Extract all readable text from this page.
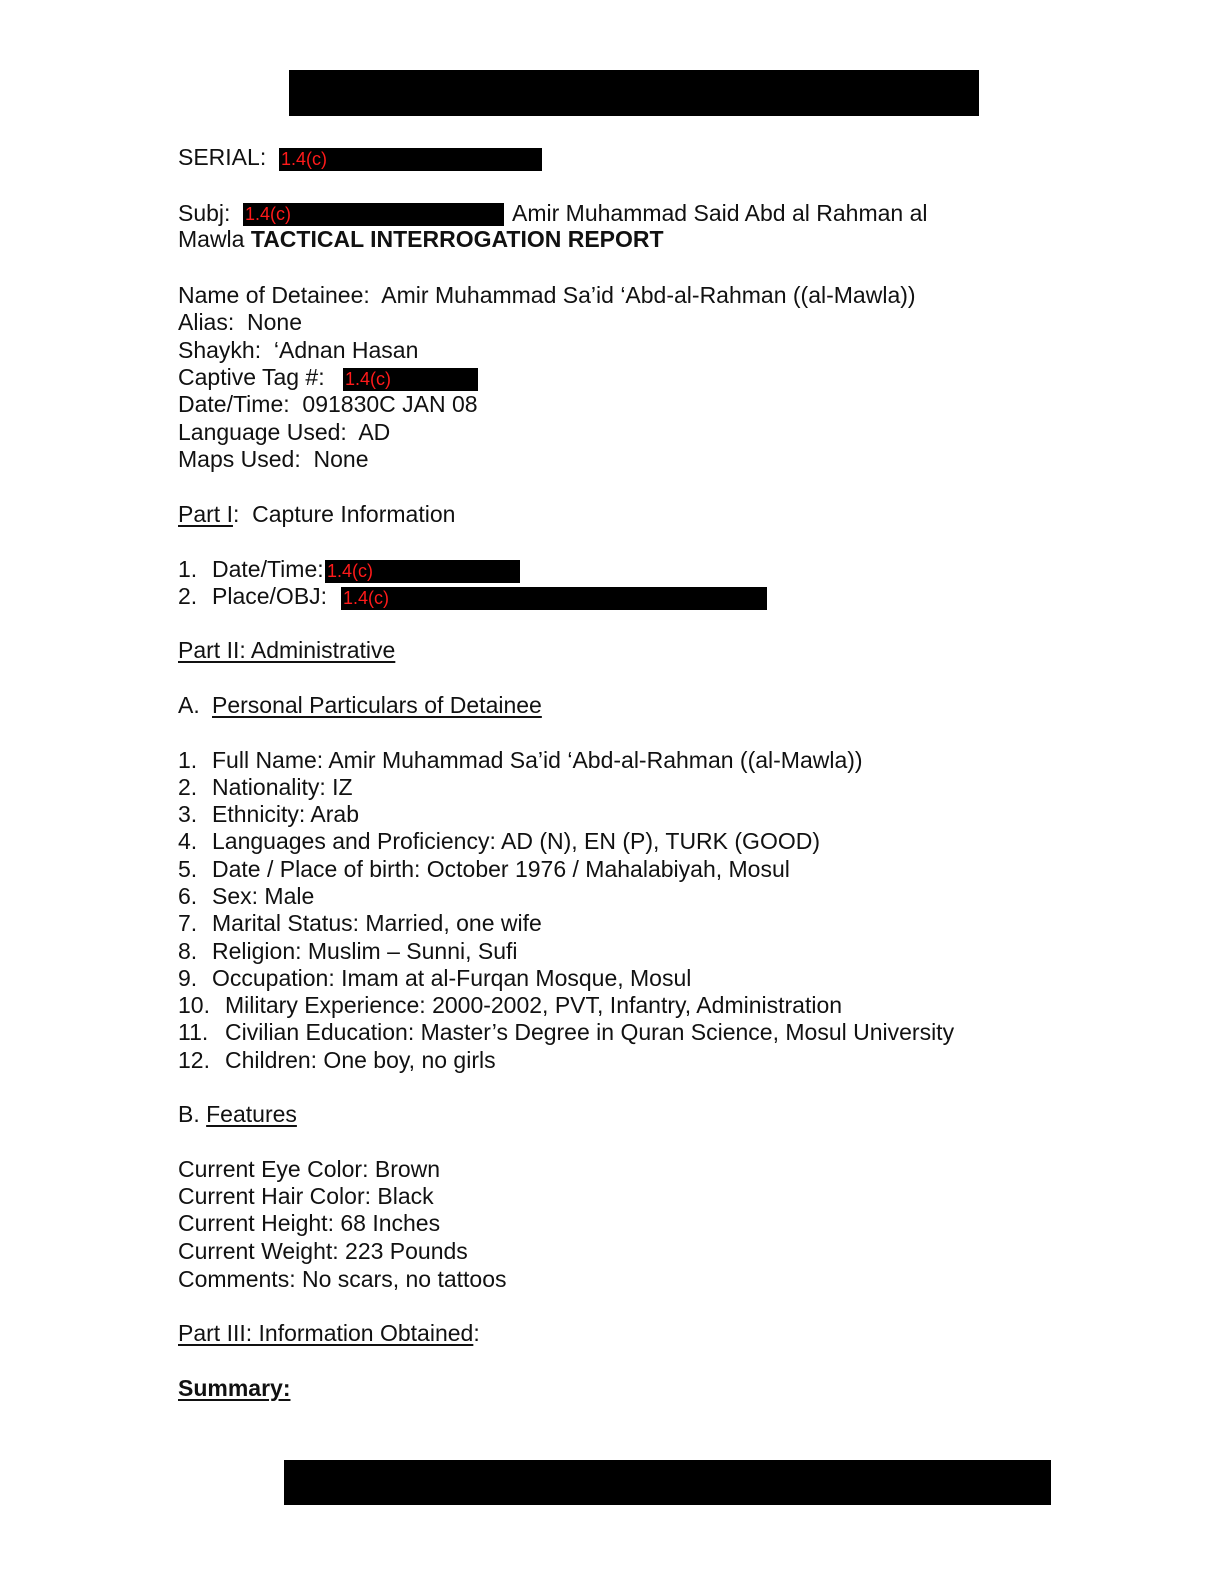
SERIAL: 1.4(c)
Subj: 1.4(c)	Amir Muhammad Said Abd al Rahman al
Mawla TACTICAL INTERROGATION REPORT
Name of Detainee: Amir Muhammad Sa’id ‘Abd-al-Rahman ((al-Mawla))
Alias: None
Shaykh: ‘Adnan Hasan
Captive Tag #: 1.4(c)
Date/Time: 091830C JAN 08
Language Used: AD
Maps Used: None
Part I:  Capture Information
1. Date/Time: 1.4(c)
2. Place/OBJ: 1.4(c)
Part II: Administrative
A. Personal Particulars of Detainee
1. Full Name: Amir Muhammad Sa’id ‘Abd-al-Rahman ((al-Mawla))
2. Nationality: IZ
3. Ethnicity: Arab
4. Languages and Proficiency: AD (N), EN (P), TURK (GOOD)
5. Date / Place of birth: October 1976 / Mahalabiyah, Mosul
6. Sex: Male
7. Marital Status: Married, one wife
8. Religion: Muslim – Sunni, Sufi
9. Occupation: Imam at al-Furqan Mosque, Mosul
10. Military Experience: 2000-2002, PVT, Infantry, Administration
11. Civilian Education: Master’s Degree in Quran Science, Mosul University
12. Children: One boy, no girls
B. Features
Current Eye Color: Brown
Current Hair Color: Black
Current Height: 68 Inches
Current Weight: 223 Pounds
Comments: No scars, no tattoos
Part III: Information Obtained:
Summary:
